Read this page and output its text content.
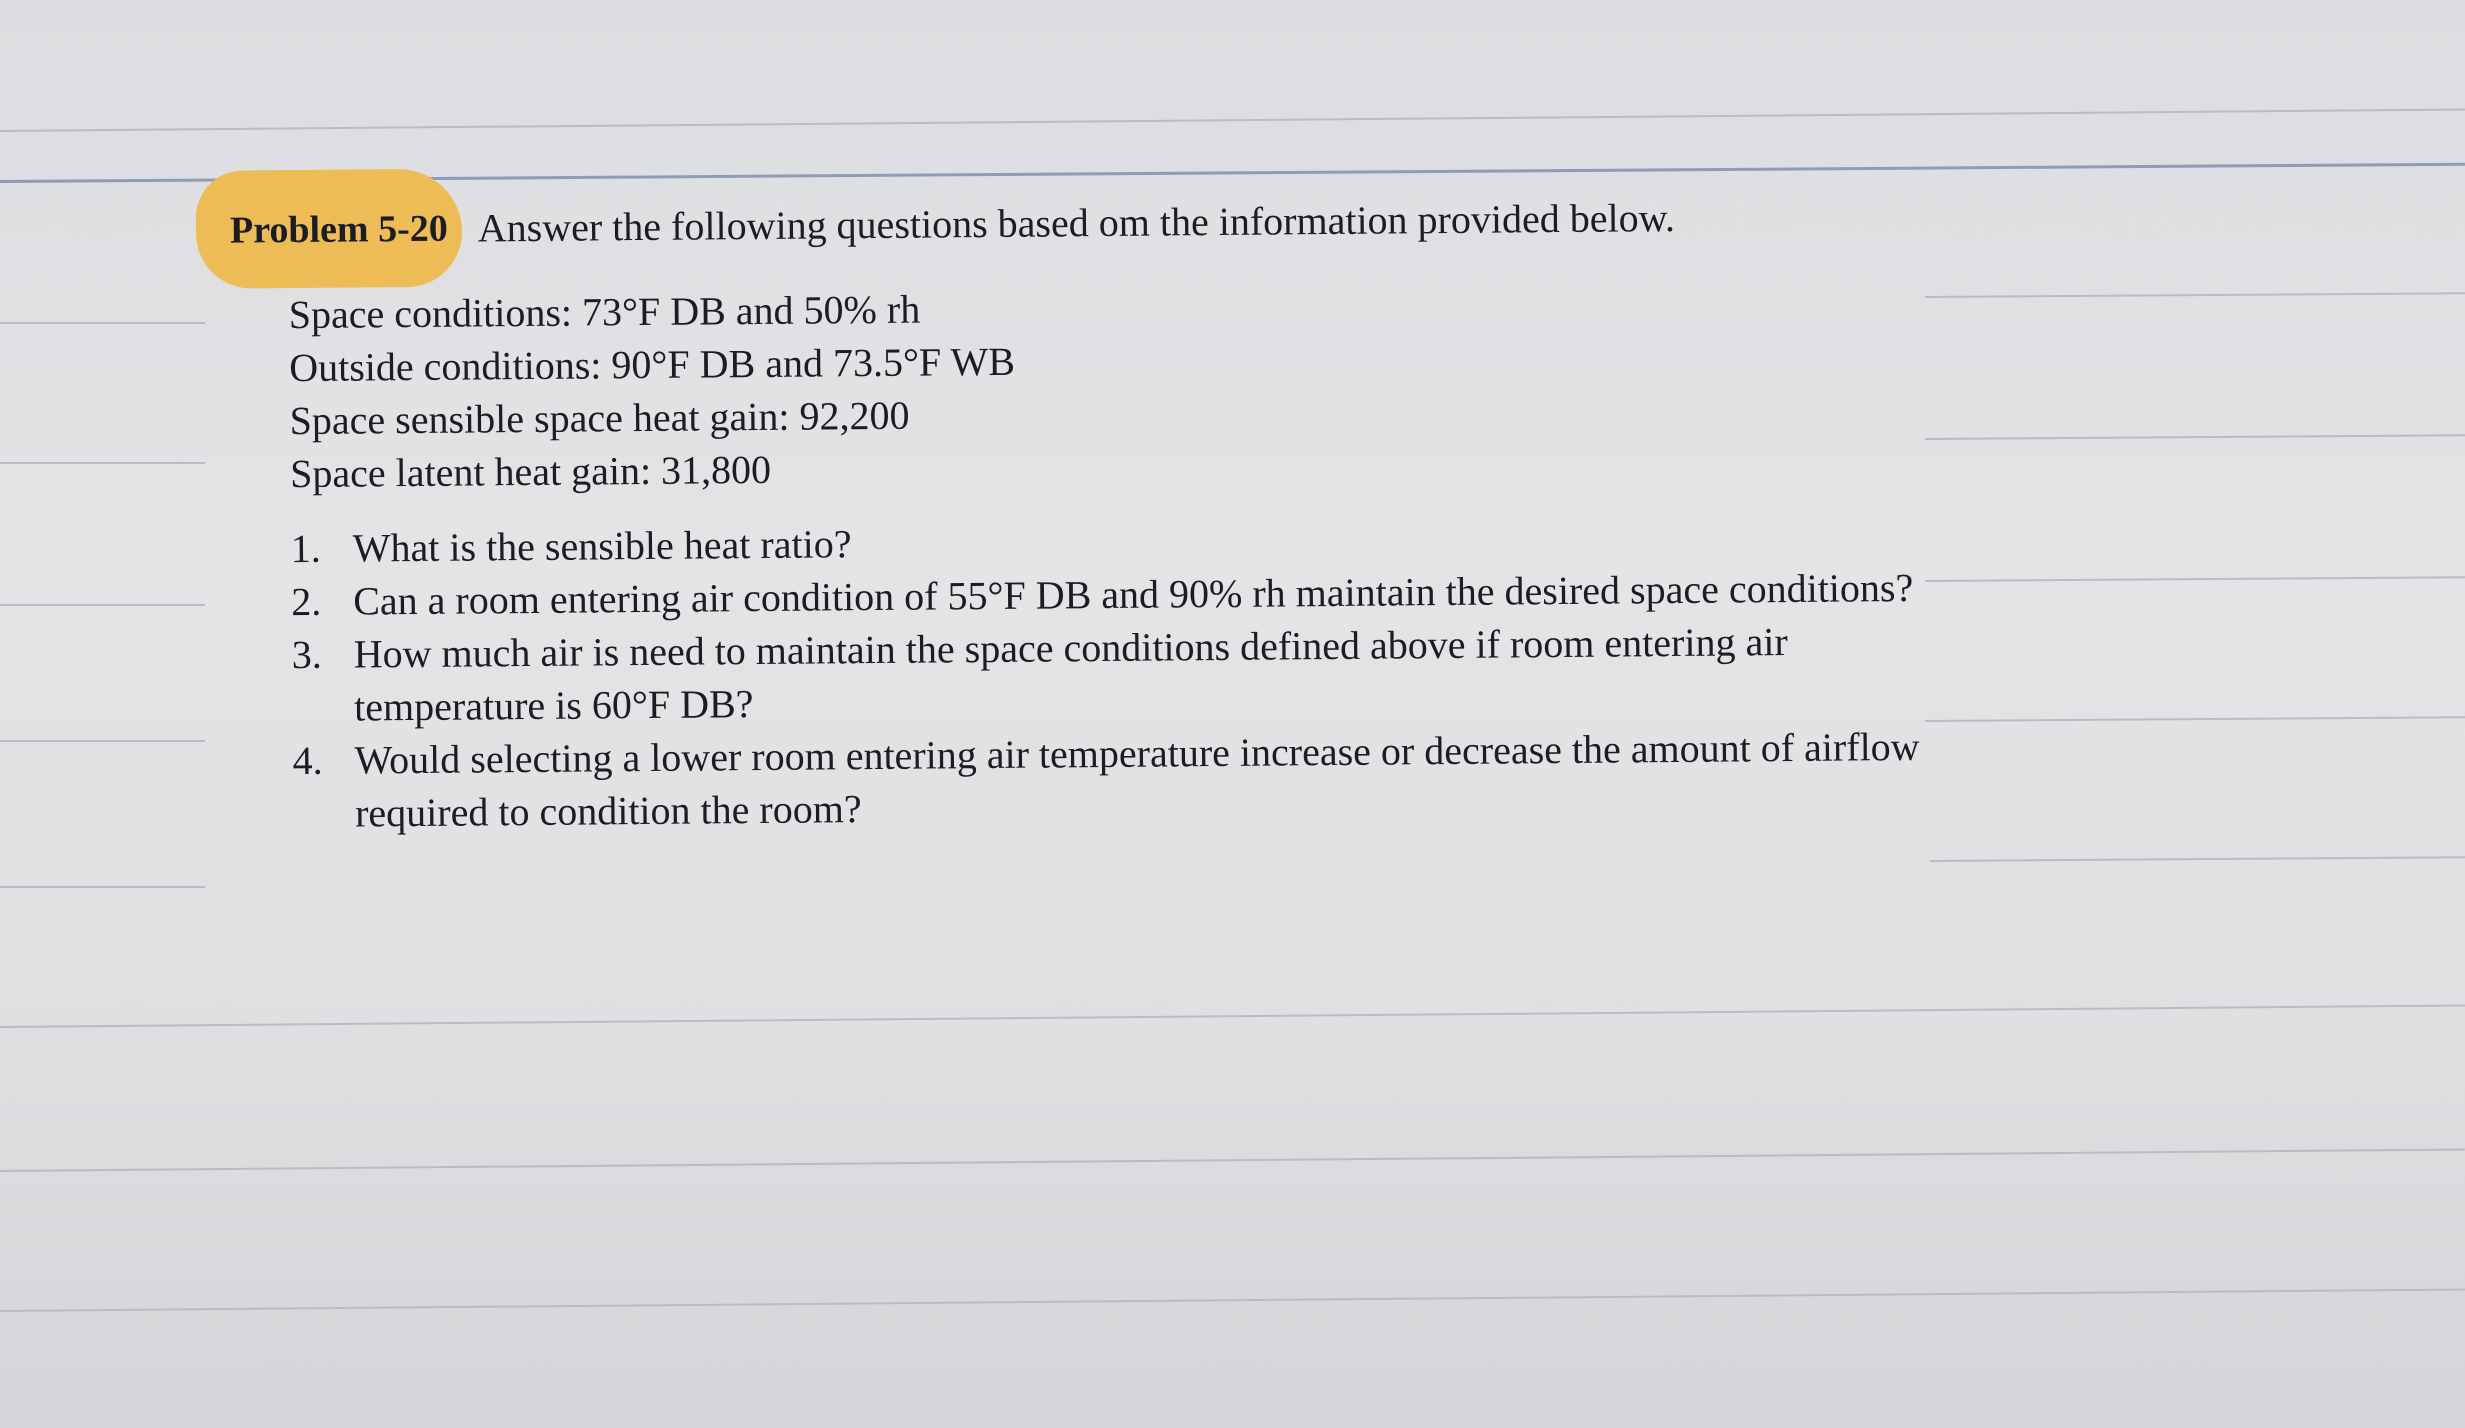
Problem 5-20 Answer the following questions based om the information provided below.
Space conditions: 73°F DB and 50% rh
Outside conditions: 90°F DB and 73.5°F WB
Space sensible space heat gain: 92,200
Space latent heat gain: 31,800
1. What is the sensible heat ratio?
2. Can a room entering air condition of 55°F DB and 90% rh maintain the desired space conditions?
3. How much air is need to maintain the space conditions defined above if room entering air temperature is 60°F DB?
4. Would selecting a lower room entering air temperature increase or decrease the amount of airflow required to condition the room?
